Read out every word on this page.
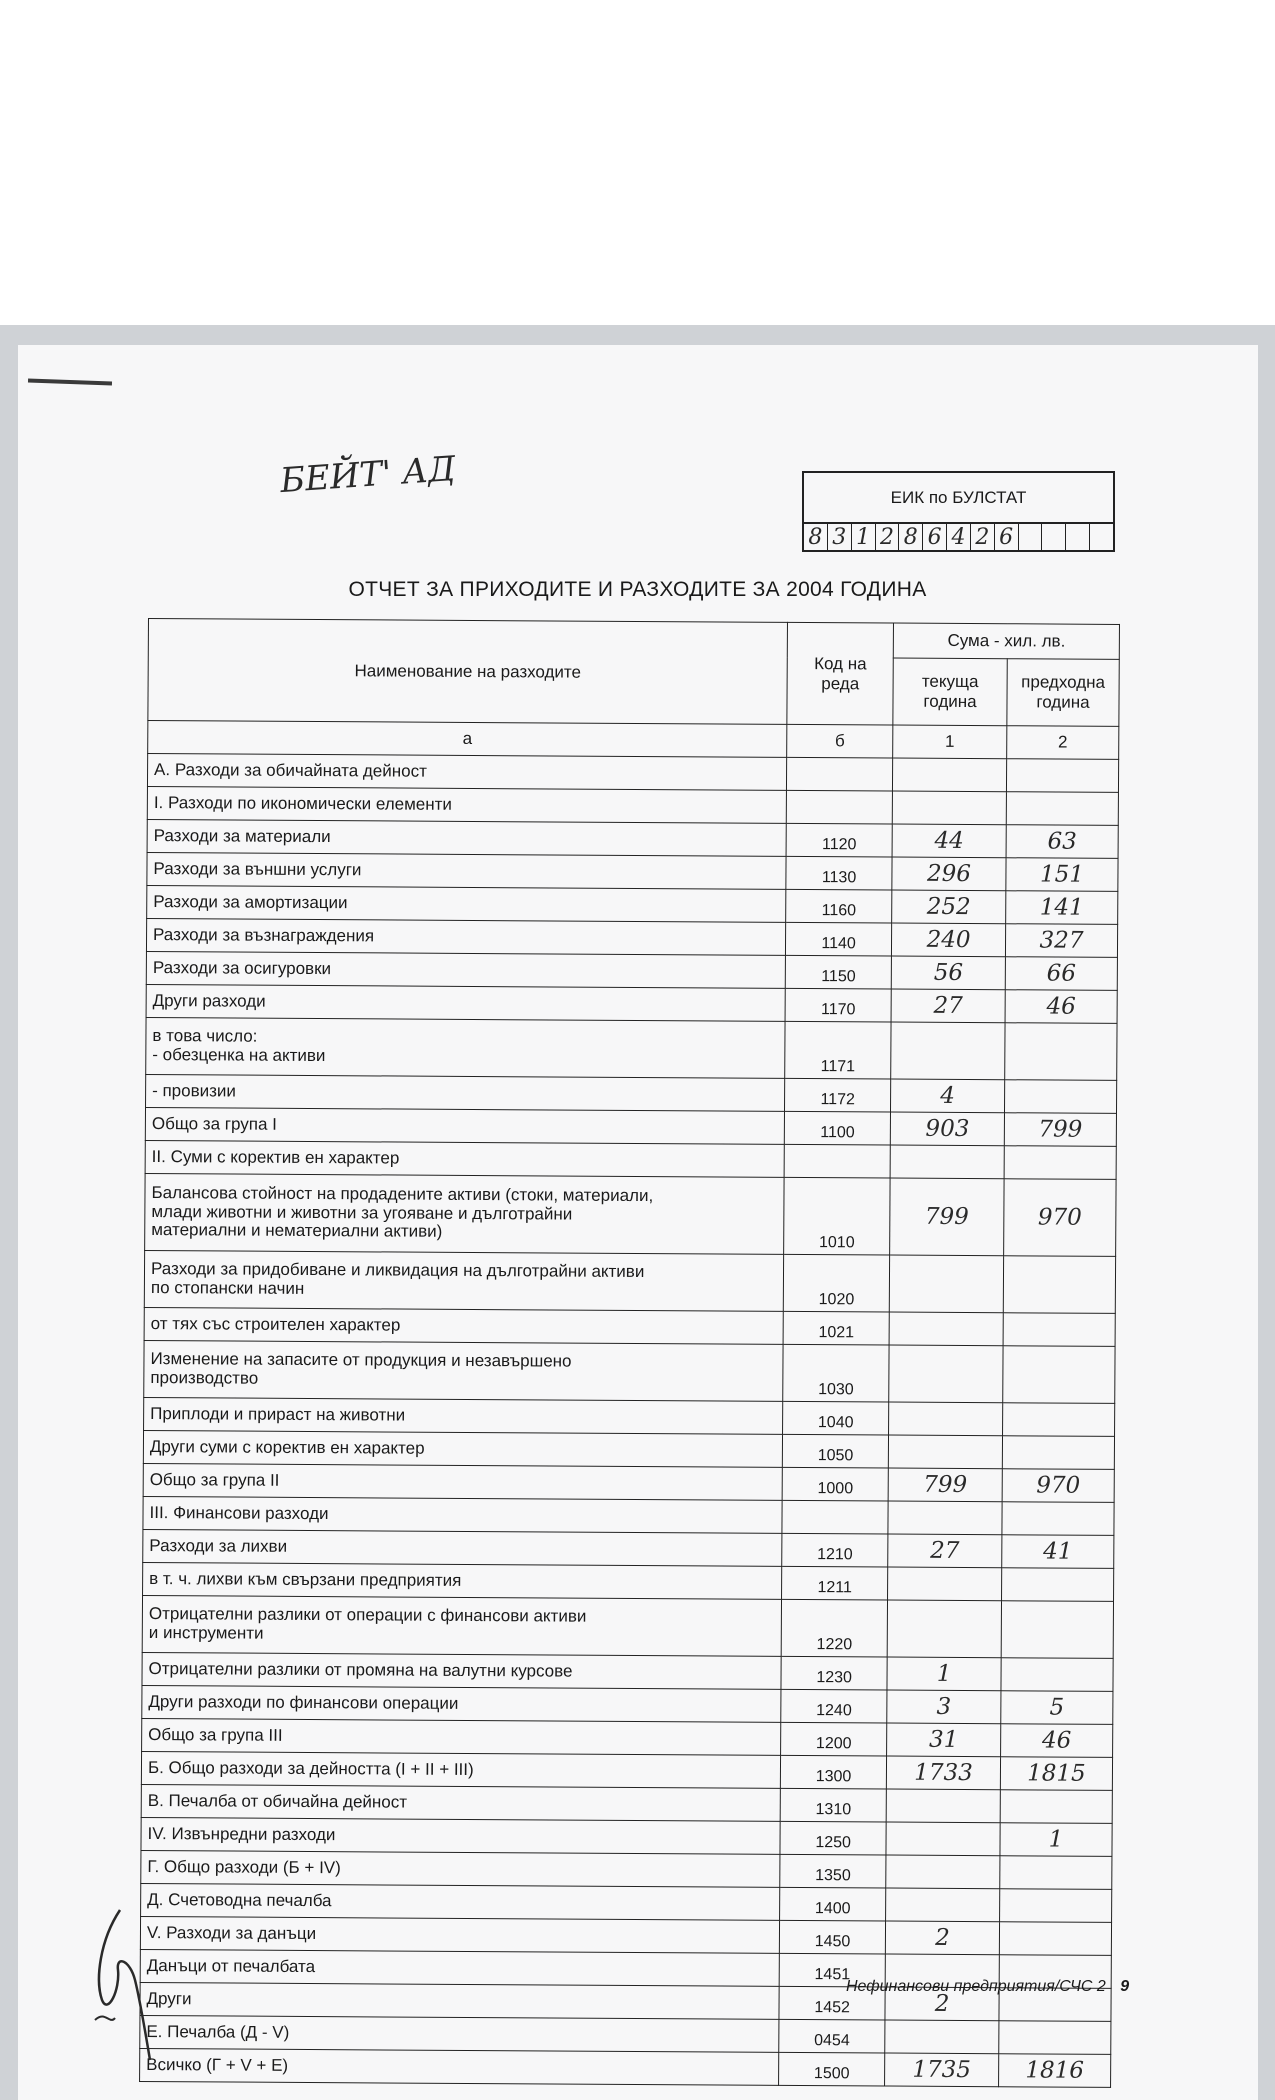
БЕЙТ' АД	ЕИК по БУЛСТАТ
8 3 1 2 8 6 4 2 6
ОТЧЕТ ЗА ПРИХОДИТЕ И РАЗХОДИТЕ ЗА 2004 ГОДИНА
Наименование на разходите	Код на реда	Сума - хил. лв.	
		текуща година	предходна година
а	б	1	2

А. Разходи за обичайната дейност			

I. Разходи по икономически елементи			

Разходи за материали	1120	44	63

Разходи за външни услуги	1130	296	151

Разходи за амортизации	1160	252	141

Разходи за възнаграждения	1140	240	327

Разходи за осигуровки	1150	56	66

Други разходи	1170	27	46

в това число:
- обезценка на активи	1171		

- провизии	1172	4	

Общо за група I	1100	903	799

II. Суми с коректив ен характер			

Балансова стойност на продадените активи (стоки, материали,
млади животни и животни за угояване и дълготрайни
материални и нематериални активи)	1010	799	970

Разходи за придобиване и ликвидация на дълготрайни активи
по стопански начин	1020		

от тях със строителен характер	1021		

Изменение на запасите от продукция и незавършено
производство	1030		

Приплоди и прираст на животни	1040		

Други суми с коректив ен характер	1050		

Общо за група II	1000	799	970

III. Финансови разходи			

Разходи за лихви	1210	27	41

в т. ч. лихви към свързани предприятия	1211		

Отрицателни разлики от операции с финансови активи
и инструменти	1220		

Отрицателни разлики от промяна на валутни курсове	1230	1	

Други разходи по финансови операции	1240	3	5

Общо за група III	1200	31	46

Б. Общо разходи за дейността (I + II + III)	1300	1733	1815

В. Печалба от обичайна дейност	1310		

IV. Извънредни разходи	1250		1

Г. Общо разходи (Б + IV)	1350		

Д. Счетоводна печалба	1400		

V. Разходи за данъци	1450	2	

Данъци от печалбата	1451		

Други	1452	2	

Е. Печалба (Д - V)	0454		

Всичко (Г + V + Е)	1500	1735	1816
Нефинансови предприятия/СЧС 2 9
